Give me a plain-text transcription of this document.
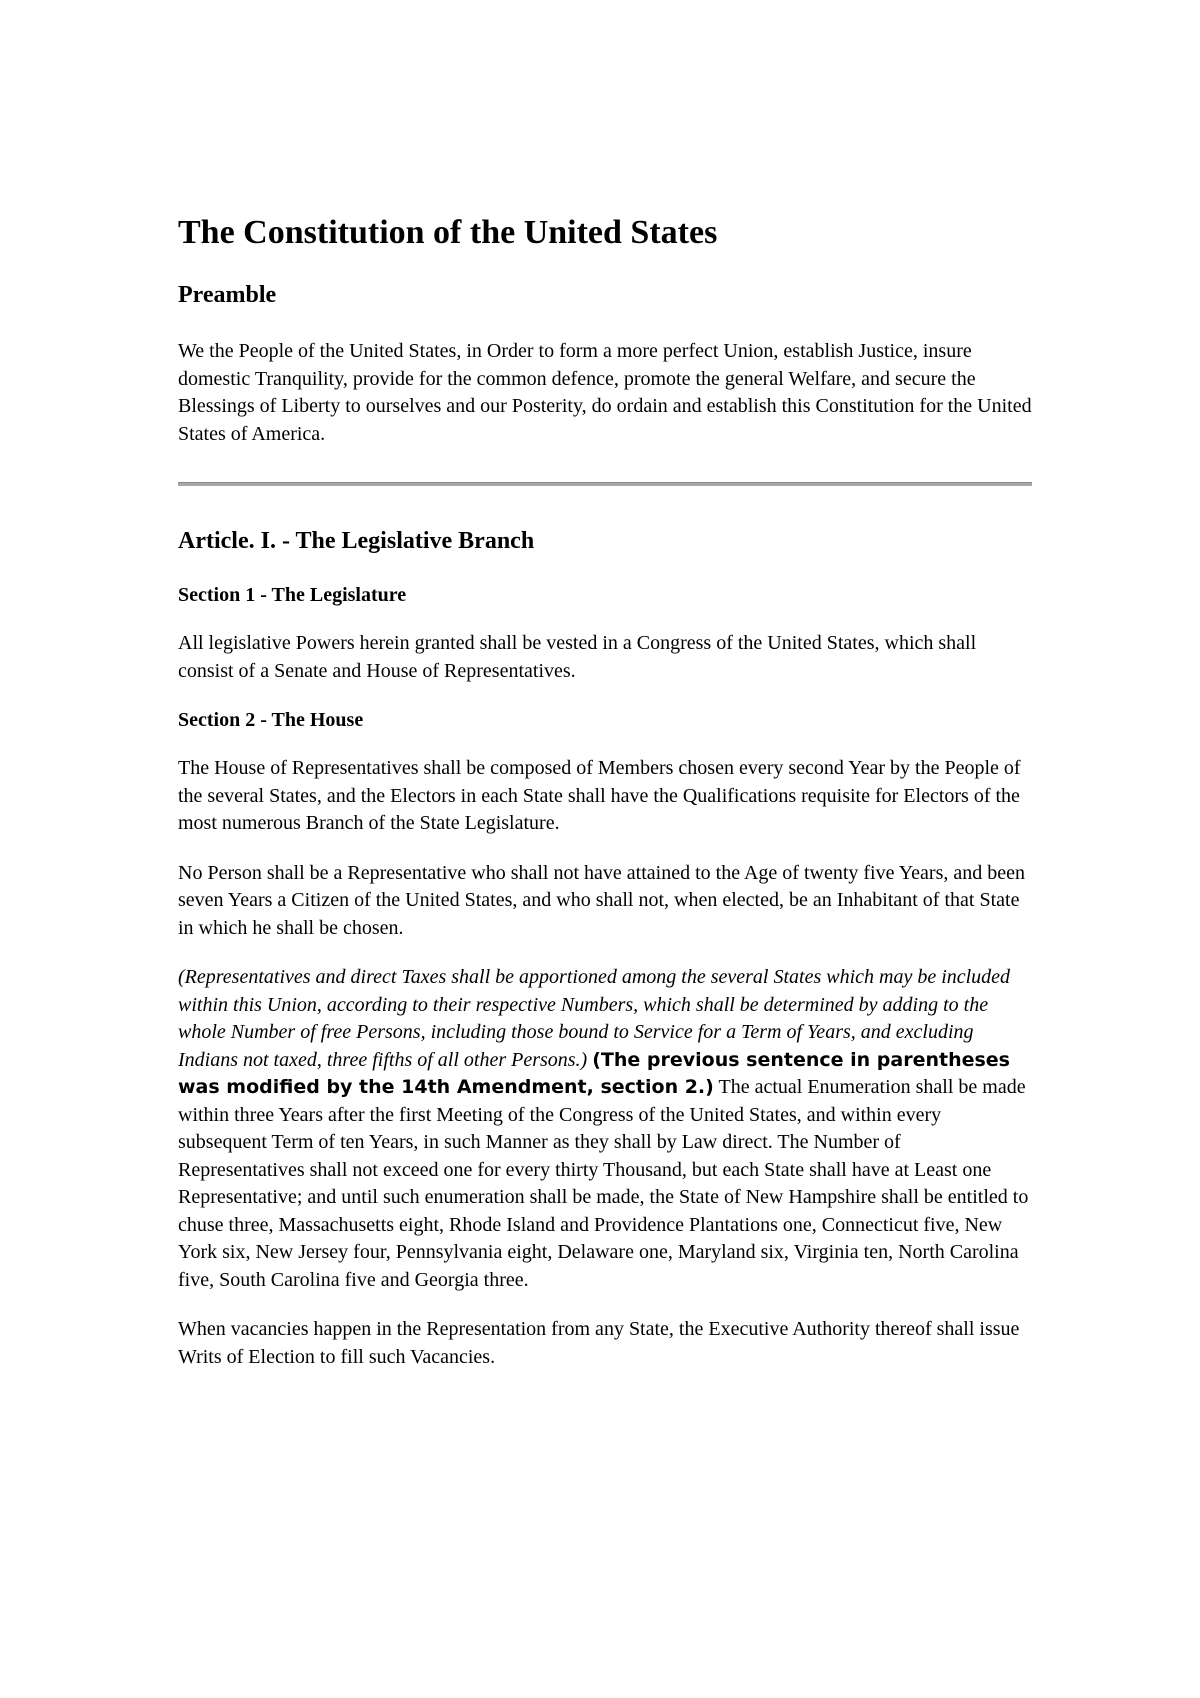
The Constitution of the United States
Preamble

We the People of the United States, in Order to form a more perfect Union, establish Justice, insure domestic Tranquility, provide for the common defence, promote the general Welfare, and secure the Blessings of Liberty to ourselves and our Posterity, do ordain and establish this Constitution for the United States of America.

Article. I. - The Legislative Branch
Section 1 - The Legislature

All legislative Powers herein granted shall be vested in a Congress of the United States, which shall consist of a Senate and House of Representatives.

Section 2 - The House

The House of Representatives shall be composed of Members chosen every second Year by the People of the several States, and the Electors in each State shall have the Qualifications requisite for Electors of the most numerous Branch of the State Legislature.

No Person shall be a Representative who shall not have attained to the Age of twenty five Years, and been seven Years a Citizen of the United States, and who shall not, when elected, be an Inhabitant of that State in which he shall be chosen.

(Representatives and direct Taxes shall be apportioned among the several States which may be included within this Union, according to their respective Numbers, which shall be determined by adding to the whole Number of free Persons, including those bound to Service for a Term of Years, and excluding Indians not taxed, three fifths of all other Persons.) (The previous sentence in parentheses was modified by the 14th Amendment, section 2.) The actual Enumeration shall be made within three Years after the first Meeting of the Congress of the United States, and within every subsequent Term of ten Years, in such Manner as they shall by Law direct. The Number of Representatives shall not exceed one for every thirty Thousand, but each State shall have at Least one Representative; and until such enumeration shall be made, the State of New Hampshire shall be entitled to chuse three, Massachusetts eight, Rhode Island and Providence Plantations one, Connecticut five, New York six, New Jersey four, Pennsylvania eight, Delaware one, Maryland six, Virginia ten, North Carolina five, South Carolina five and Georgia three.

When vacancies happen in the Representation from any State, the Executive Authority thereof shall issue Writs of Election to fill such Vacancies.
